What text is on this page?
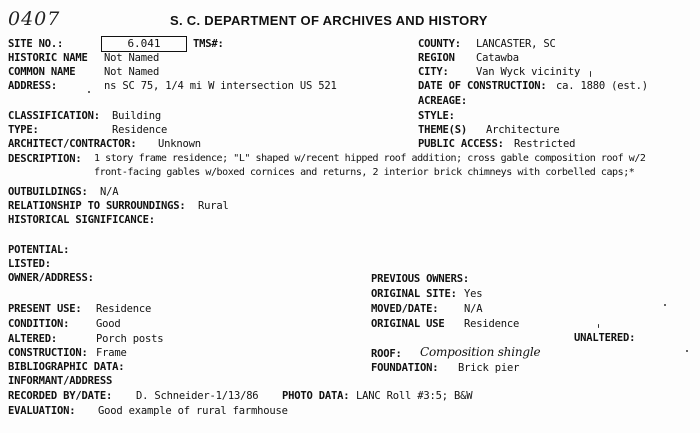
0407	S. C. DEPARTMENT OF ARCHIVES AND HISTORY
SITE NO.:	6.041	TMS#:
HISTORIC NAME Not Named
COMMON NAME	Not Named
ADDRESS:	ns SC 75, 1/4 mi W intersection US 521
CLASSIFICATION: Building
TYPE:	Residence
ARCHITECT/CONTRACTOR: Unknown
COUNTY: LANCASTER, SC
REGION Catawba
CITY:	Van Wyck vicinity
DATE OF CONSTRUCTION: ca. 1880 (est.)
ACREAGE:
STYLE:
THEME(S) Architecture
PUBLIC ACCESS: Restricted
DESCRIPTION: 1 story frame residence; "L" shaped w/recent hipped roof addition; cross gable composition roof w/2
front-facing gables w/boxed cornices and returns, 2 interior brick chimneys with corbelled caps;*
OUTBUILDINGS: N/A
RELATIONSHIP TO SURROUNDINGS: Rural
HISTORICAL SIGNIFICANCE:
POTENTIAL:
LISTED:
OWNER/ADDRESS:	PREVIOUS OWNERS:
ORIGINAL SITE: Yes
MOVED/DATE: N/A
ORIGINAL USE Residence
UNALTERED:
PRESENT USE: Residence
CONDITION:	Good
ALTERED:	Porch posts
CONSTRUCTION: Frame
BIBLIOGRAPHIC DATA:
INFORMANT/ADDRESS
RECORDED BY/DATE: D. Schneider-1/13/86
EVALUATION: Good example of rural farmhouse
ROOF: Composition shingle
FOUNDATION: Brick pier
PHOTO DATA: LANC Roll #3:5; B&W
